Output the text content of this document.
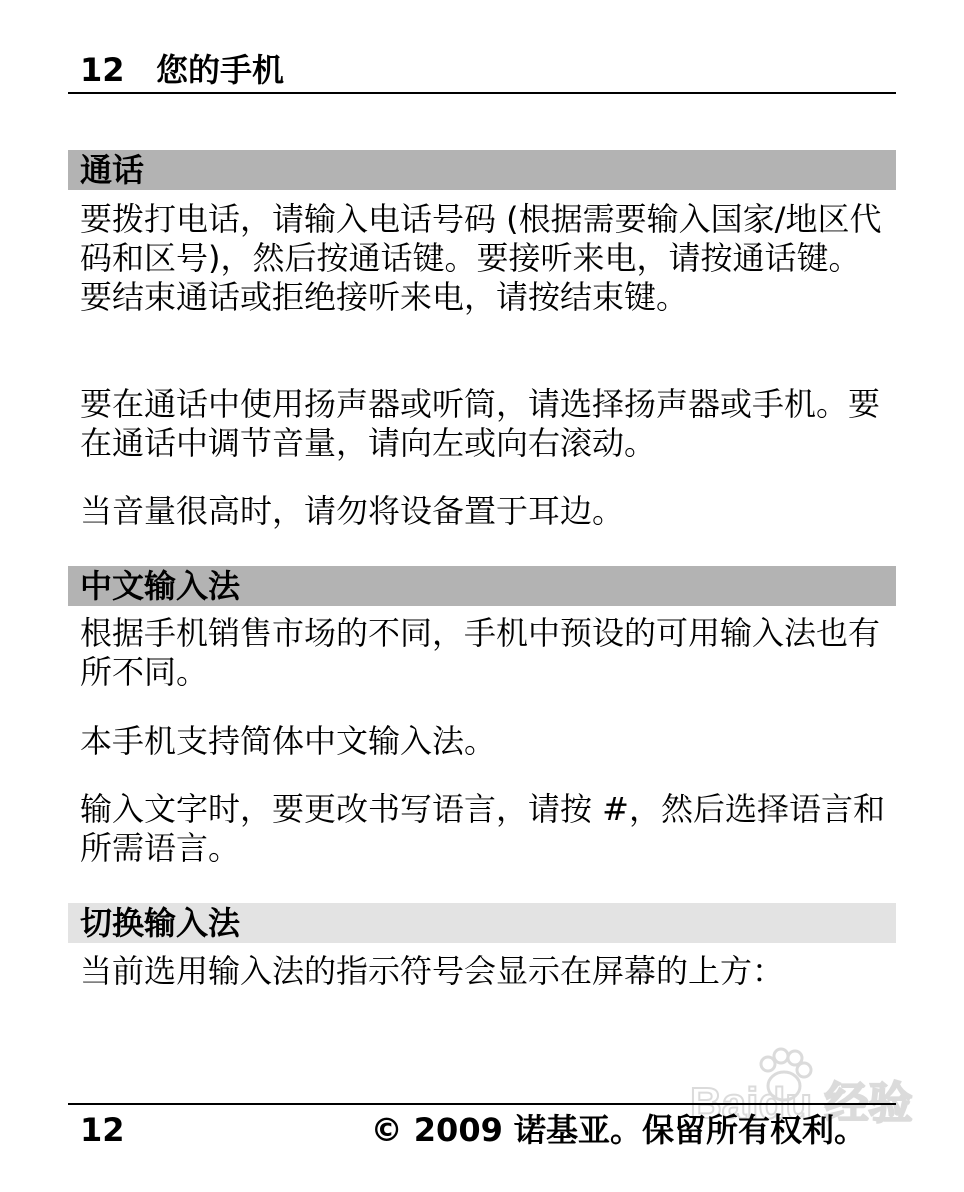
12 您的手机
通话

要拨打电话，请输入电话号码 (根据需要输入国家/地区代码和区号)，然后按通话键。要接听来电，请按通话键。要结束通话或拒绝接听来电，请按结束键。

要在通话中使用扬声器或听筒，请选择扬声器或手机。要在通话中调节音量，请向左或向右滚动。

当音量很高时，请勿将设备置于耳边。

中文输入法

根据手机销售市场的不同，手机中预设的可用输入法也有所不同。

本手机支持简体中文输入法。

输入文字时，要更改书写语言，请按 #，然后选择语言和所需语言。

切换输入法

当前选用输入法的指示符号会显示在屏幕的上方：

Baidu 经验
12	© 2009 诺基亚。保留所有权利。
